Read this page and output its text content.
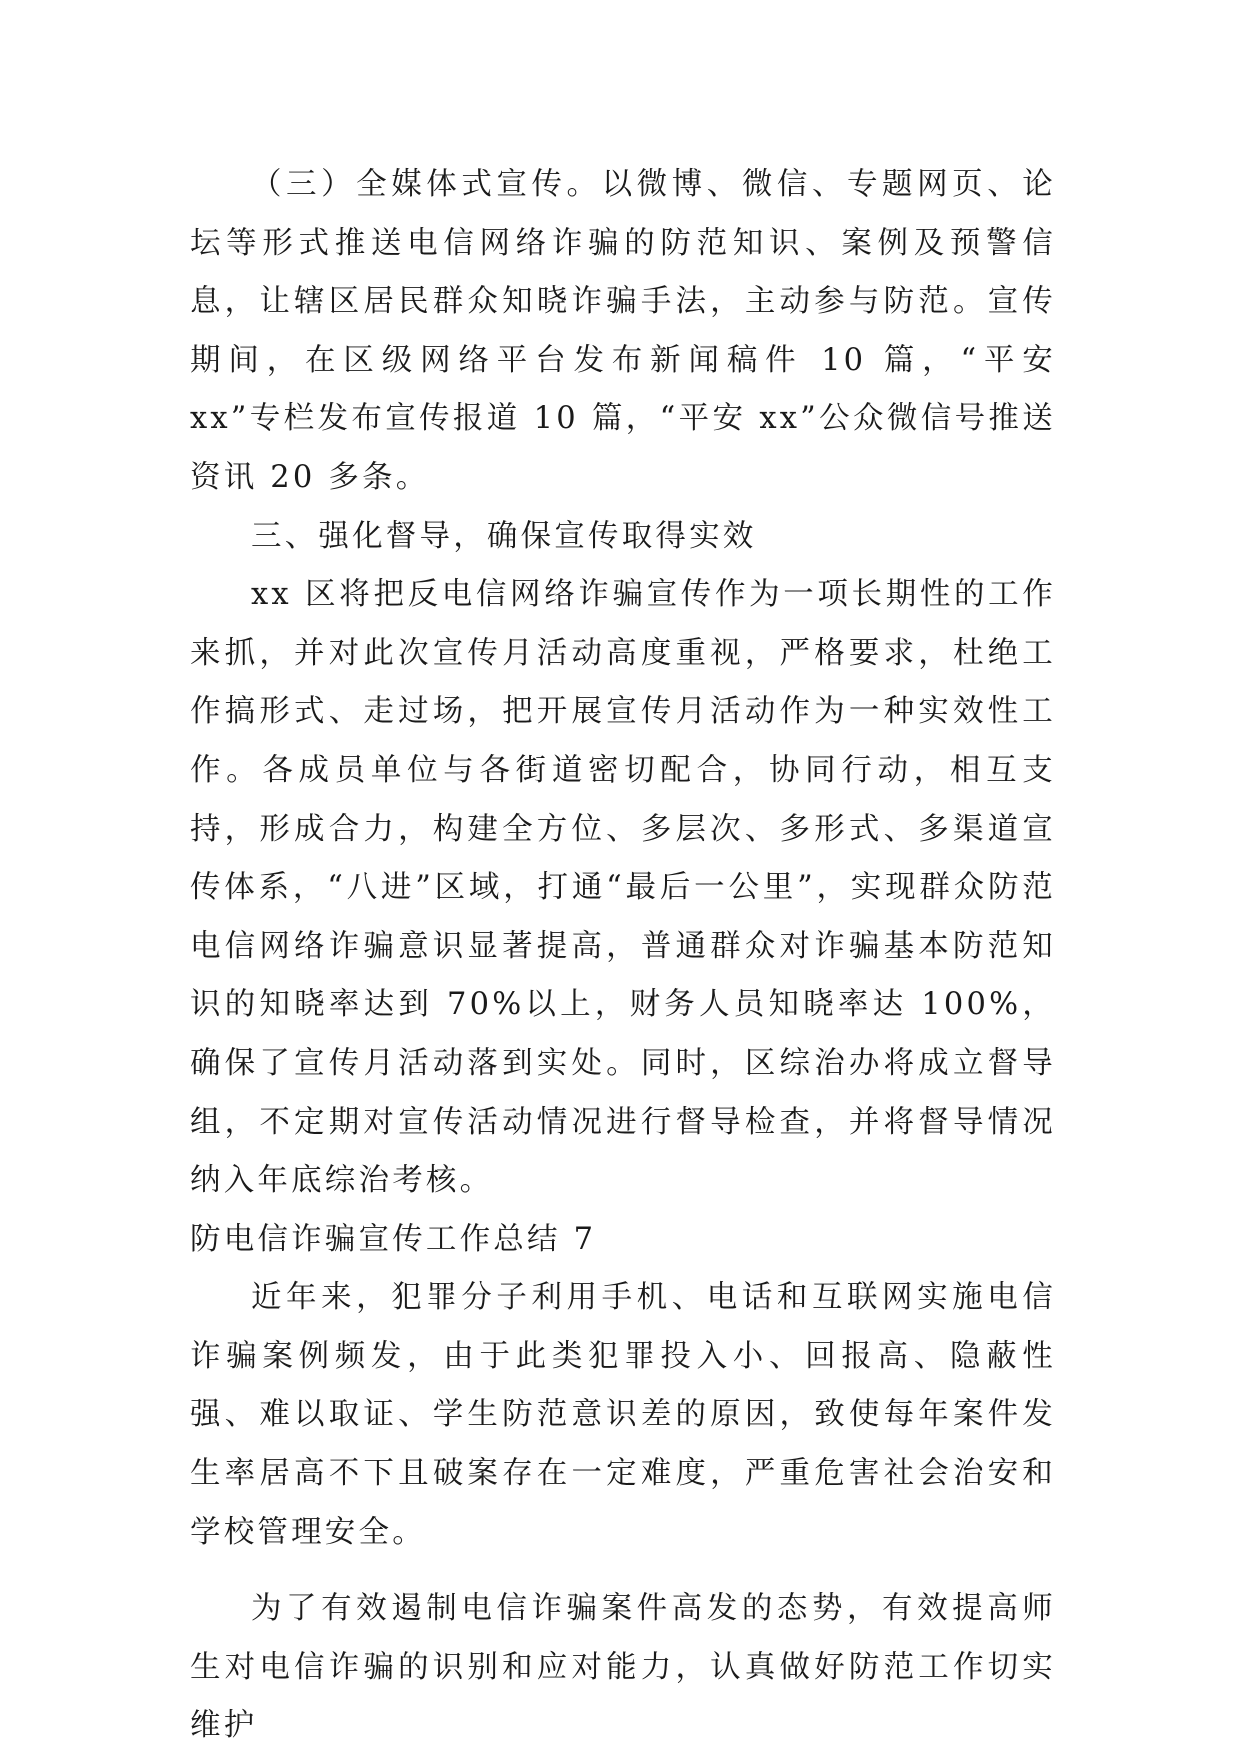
（三）全媒体式宣传。以微博、微信、专题网页、论坛等形式推送电信网络诈骗的防范知识、案例及预警信息，让辖区居民群众知晓诈骗手法，主动参与防范。宣传期间，在区级网络平台发布新闻稿件 10 篇，“平安 xx”专栏发布宣传报道 10 篇，“平安 xx”公众微信号推送资讯 20 多条。

三、强化督导，确保宣传取得实效

xx 区将把反电信网络诈骗宣传作为一项长期性的工作来抓，并对此次宣传月活动高度重视，严格要求，杜绝工作搞形式、走过场，把开展宣传月活动作为一种实效性工作。各成员单位与各街道密切配合，协同行动，相互支持，形成合力，构建全方位、多层次、多形式、多渠道宣传体系，“八进”区域，打通“最后一公里”，实现群众防范电信网络诈骗意识显著提高，普通群众对诈骗基本防范知识的知晓率达到 70%以上，财务人员知晓率达 100%，确保了宣传月活动落到实处。同时，区综治办将成立督导组，不定期对宣传活动情况进行督导检查，并将督导情况纳入年底综治考核。

防电信诈骗宣传工作总结 7

近年来，犯罪分子利用手机、电话和互联网实施电信诈骗案例频发，由于此类犯罪投入小、回报高、隐蔽性强、难以取证、学生防范意识差的原因，致使每年案件发生率居高不下且破案存在一定难度，严重危害社会治安和学校管理安全。

为了有效遏制电信诈骗案件高发的态势，有效提高师生对电信诈骗的识别和应对能力，认真做好防范工作切实维护
